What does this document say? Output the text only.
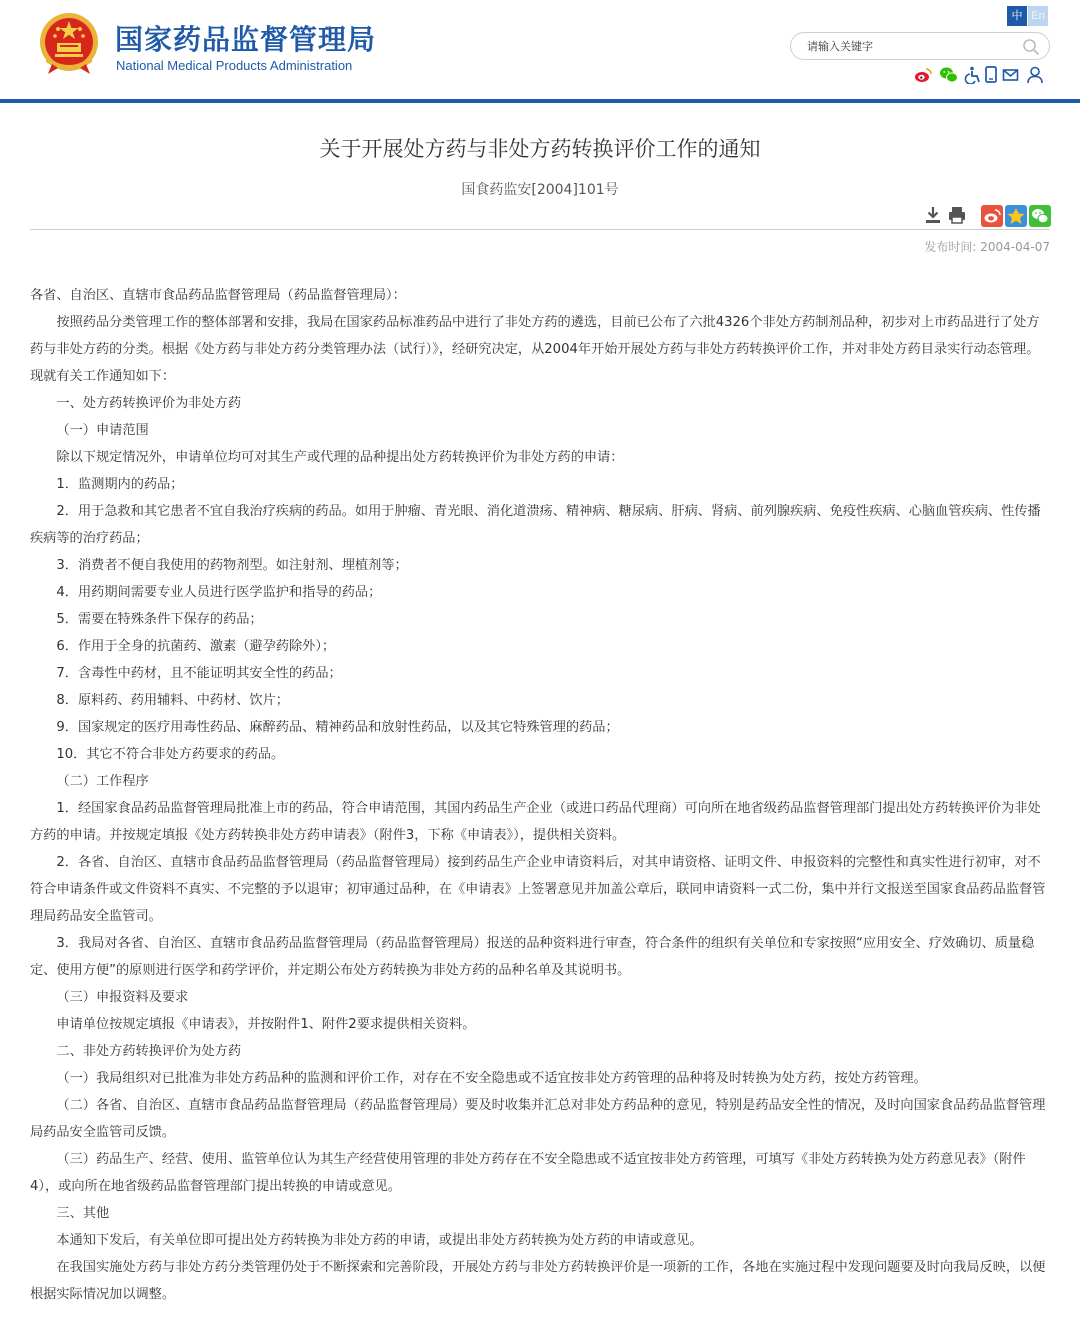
国家药品监督管理局
National Medical Products Administration
中 En
请输入关键字
关于开展处方药与非处方药转换评价工作的通知
国食药监安[2004]101号
发布时间: 2004-04-07

各省、自治区、直辖市食品药品监督管理局（药品监督管理局）：

按照药品分类管理工作的整体部署和安排，我局在国家药品标准药品中进行了非处方药的遴选，目前已公布了六批4326个非处方药制剂品种，初步对上市药品进行了处方药与非处方药的分类。根据《处方药与非处方药分类管理办法（试行）》，经研究决定，从2004年开始开展处方药与非处方药转换评价工作，并对非处方药目录实行动态管理。现就有关工作通知如下：

一、处方药转换评价为非处方药

（一）申请范围

除以下规定情况外，申请单位均可对其生产或代理的品种提出处方药转换评价为非处方药的申请：

1．监测期内的药品；

2．用于急救和其它患者不宜自我治疗疾病的药品。如用于肿瘤、青光眼、消化道溃疡、精神病、糖尿病、肝病、肾病、前列腺疾病、免疫性疾病、心脑血管疾病、性传播疾病等的治疗药品；

3．消费者不便自我使用的药物剂型。如注射剂、埋植剂等；

4．用药期间需要专业人员进行医学监护和指导的药品；

5．需要在特殊条件下保存的药品；

6．作用于全身的抗菌药、激素（避孕药除外）；

7．含毒性中药材，且不能证明其安全性的药品；

8．原料药、药用辅料、中药材、饮片；

9．国家规定的医疗用毒性药品、麻醉药品、精神药品和放射性药品，以及其它特殊管理的药品；

10．其它不符合非处方药要求的药品。

（二）工作程序

1．经国家食品药品监督管理局批准上市的药品，符合申请范围，其国内药品生产企业（或进口药品代理商）可向所在地省级药品监督管理部门提出处方药转换评价为非处方药的申请。并按规定填报《处方药转换非处方药申请表》（附件3，下称《申请表》），提供相关资料。

2．各省、自治区、直辖市食品药品监督管理局（药品监督管理局）接到药品生产企业申请资料后，对其申请资格、证明文件、申报资料的完整性和真实性进行初审，对不符合申请条件或文件资料不真实、不完整的予以退审；初审通过品种，在《申请表》上签署意见并加盖公章后，联同申请资料一式二份，集中并行文报送至国家食品药品监督管理局药品安全监管司。

3．我局对各省、自治区、直辖市食品药品监督管理局（药品监督管理局）报送的品种资料进行审查，符合条件的组织有关单位和专家按照“应用安全、疗效确切、质量稳定、使用方便”的原则进行医学和药学评价，并定期公布处方药转换为非处方药的品种名单及其说明书。

（三）申报资料及要求

申请单位按规定填报《申请表》，并按附件1、附件2要求提供相关资料。

二、非处方药转换评价为处方药

（一）我局组织对已批准为非处方药品种的监测和评价工作，对存在不安全隐患或不适宜按非处方药管理的品种将及时转换为处方药，按处方药管理。

（二）各省、自治区、直辖市食品药品监督管理局（药品监督管理局）要及时收集并汇总对非处方药品种的意见，特别是药品安全性的情况，及时向国家食品药品监督管理局药品安全监管司反馈。

（三）药品生产、经营、使用、监管单位认为其生产经营使用管理的非处方药存在不安全隐患或不适宜按非处方药管理，可填写《非处方药转换为处方药意见表》（附件4），或向所在地省级药品监督管理部门提出转换的申请或意见。

三、其他

本通知下发后，有关单位即可提出处方药转换为非处方药的申请，或提出非处方药转换为处方药的申请或意见。

在我国实施处方药与非处方药分类管理仍处于不断探索和完善阶段，开展处方药与非处方药转换评价是一项新的工作，各地在实施过程中发现问题要及时向我局反映，以便根据实际情况加以调整。
